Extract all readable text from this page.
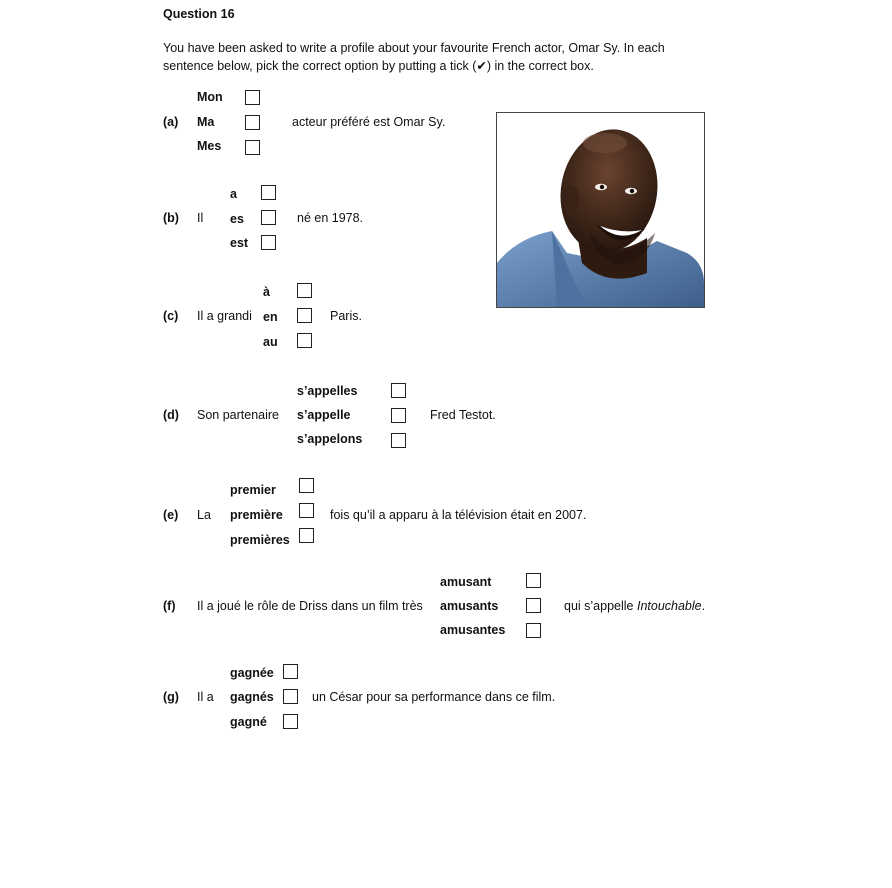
Question 16
You have been asked to write a profile about your favourite French actor, Omar Sy. In each
sentence below, pick the correct option by putting a tick (✔) in the correct box.
(a)
Mon
Ma
Mes
acteur préféré est Omar Sy.
(b) Il
a
es
est
né en 1978.
(c) Il a grandi
à
en
au
Paris.
(d) Son partenaire
s’appelles
s’appelle
s’appelons
Fred Testot.
(e) La
premier
première
premières
fois qu’il a apparu à la télévision était en 2007.
(f) Il a joué le rôle de Driss dans un film très
amusant
amusants
amusantes
qui s’appelle Intouchable.
(g) Il a
gagnée
gagnés
gagné
un César pour sa performance dans ce film.
